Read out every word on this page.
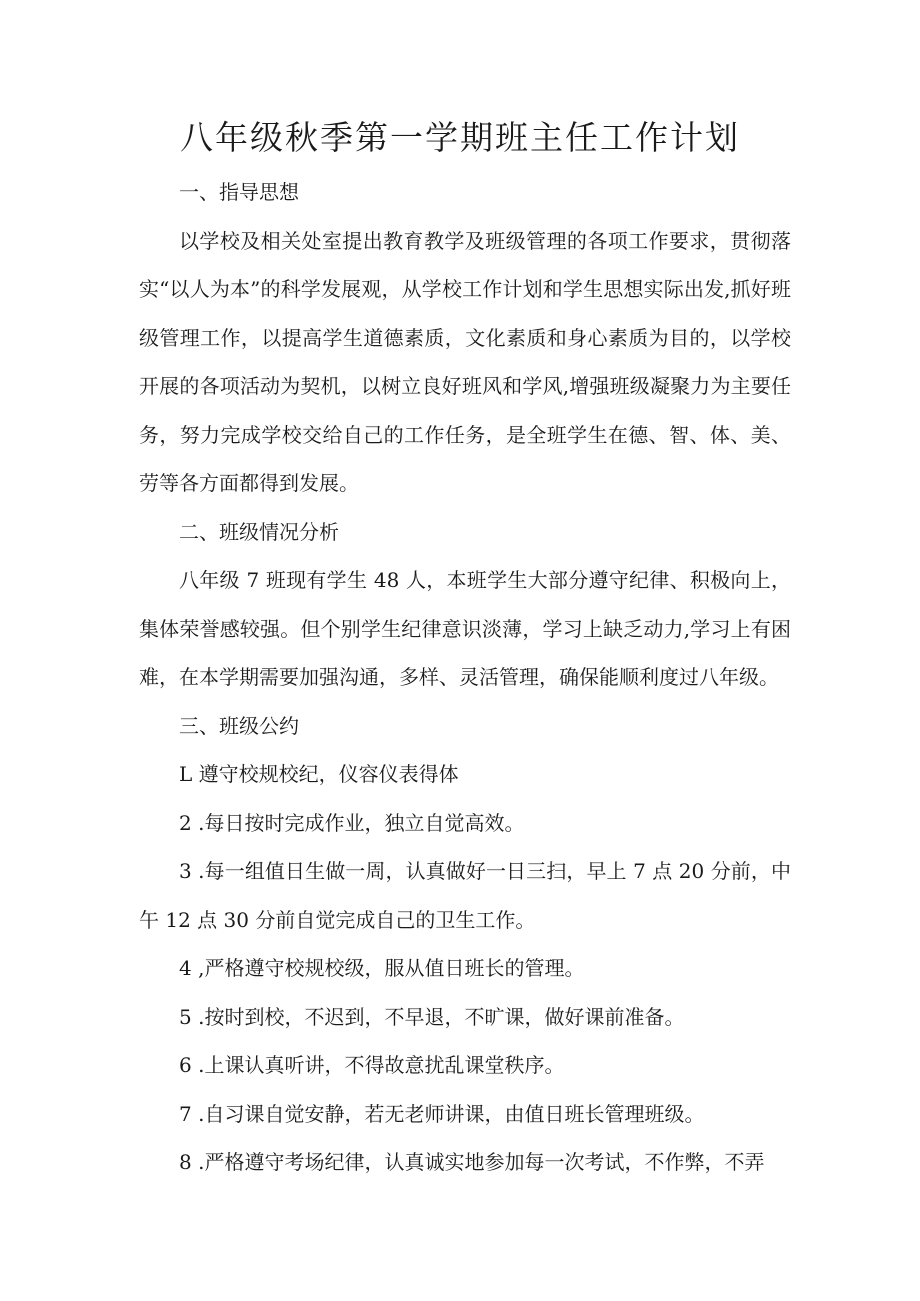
八年级秋季第一学期班主任工作计划

一、指导思想

以学校及相关处室提出教育教学及班级管理的各项工作要求，贯彻落实“以人为本”的科学发展观，从学校工作计划和学生思想实际出发,抓好班级管理工作，以提高学生道德素质，文化素质和身心素质为目的，以学校开展的各项活动为契机，以树立良好班风和学风,增强班级凝聚力为主要任务，努力完成学校交给自己的工作任务，是全班学生在德、智、体、美、劳等各方面都得到发展。

二、班级情况分析

八年级 7 班现有学生 48 人，本班学生大部分遵守纪律、积极向上，集体荣誉感较强。但个别学生纪律意识淡薄，学习上缺乏动力,学习上有困难，在本学期需要加强沟通，多样、灵活管理，确保能顺利度过八年级。

三、班级公约

L 遵守校规校纪，仪容仪表得体

2 .每日按时完成作业，独立自觉高效。

3 .每一组值日生做一周，认真做好一日三扫，早上 7 点 20 分前，中午 12 点 30 分前自觉完成自己的卫生工作。

4 ,严格遵守校规校级，服从值日班长的管理。

5 .按时到校，不迟到，不早退，不旷课，做好课前准备。

6 .上课认真听讲，不得故意扰乱课堂秩序。

7 .自习课自觉安静，若无老师讲课，由值日班长管理班级。

8 .严格遵守考场纪律，认真诚实地参加每一次考试，不作弊，不弄
